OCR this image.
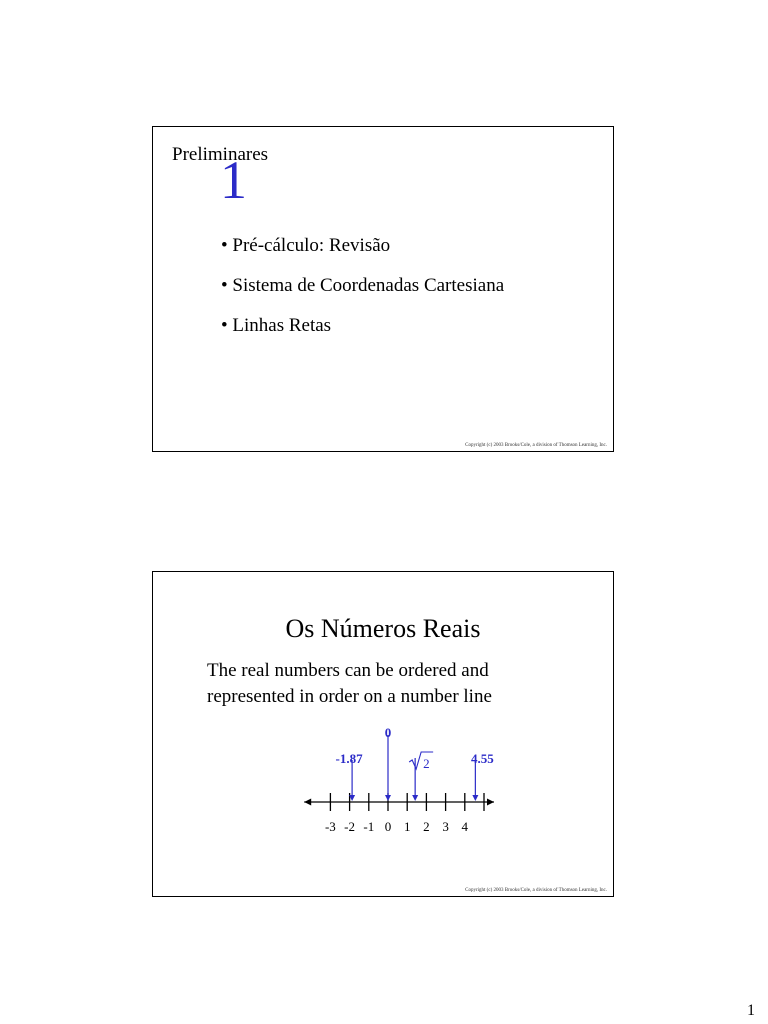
Preliminares
1
• Pré-cálculo: Revisão
• Sistema de Coordenadas Cartesiana
• Linhas Retas
Copyright (c) 2003 Brooks/Cole, a division of Thomson Learning, Inc.
Os Números Reais
The real numbers can be ordered and
represented in order on a number line
-3 -2 -1 0 1 2 3 4
-1.87
0
2	4.55
Copyright (c) 2003 Brooks/Cole, a division of Thomson Learning, Inc.
1
